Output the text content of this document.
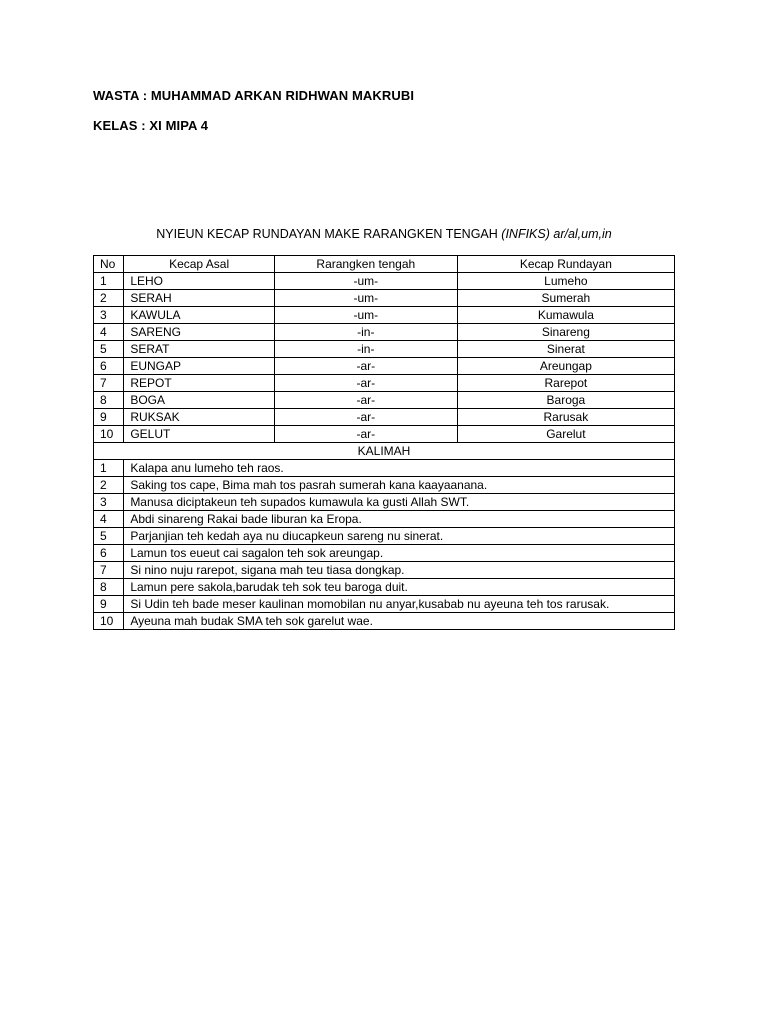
WASTA : MUHAMMAD ARKAN RIDHWAN MAKRUBI
KELAS : XI MIPA 4
NYIEUN KECAP RUNDAYAN MAKE RARANGKEN TENGAH (INFIKS) ar/al,um,in
No	Kecap Asal	Rarangken tengah	Kecap Rundayan
1	LEHO	-um-	Lumeho
2	SERAH	-um-	Sumerah
3	KAWULA	-um-	Kumawula
4	SARENG	-in-	Sinareng
5	SERAT	-in-	Sinerat
6	EUNGAP	-ar-	Areungap
7	REPOT	-ar-	Rarepot
8	BOGA	-ar-	Baroga
9	RUKSAK	-ar-	Rarusak
10	GELUT	-ar-	Garelut
KALIMAH			
1	Kalapa anu lumeho teh raos.		
2	Saking tos cape, Bima mah tos pasrah sumerah kana kaayaanana.		
3	Manusa diciptakeun teh supados kumawula ka gusti Allah SWT.		
4	Abdi sinareng Rakai bade liburan ka Eropa.		
5	Parjanjian teh kedah aya nu diucapkeun sareng nu sinerat.		
6	Lamun tos eueut cai sagalon teh sok areungap.		
7	Si nino nuju rarepot, sigana mah teu tiasa dongkap.		
8	Lamun pere sakola,barudak teh sok teu baroga duit.		
9	Si Udin teh bade meser kaulinan momobilan nu anyar,kusabab nu ayeuna teh tos rarusak.		
10	Ayeuna mah budak SMA teh sok garelut wae.		
